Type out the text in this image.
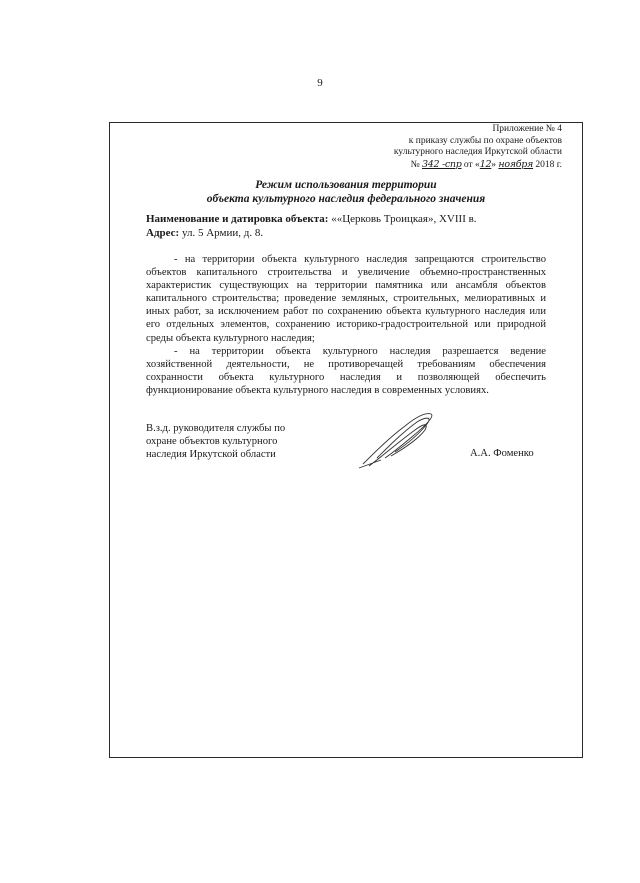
9
Приложение № 4
к приказу службы по охране объектов
культурного наследия Иркутской области
№ 342 -спр от «12» ноября 2018 г.
Режим использования территории
объекта культурного наследия федерального значения
Наименование и датировка объекта: ««Церковь Троицкая», XVIII в.
Адрес: ул. 5 Армии, д. 8.

- на территории объекта культурного наследия запрещаются строительство объектов капитального строительства и увеличение объемно-пространственных характеристик существующих на территории памятника или ансамбля объектов капитального строительства; проведение земляных, строительных, мелиоративных и иных работ, за исключением работ по сохранению объекта культурного наследия или его отдельных элементов, сохранению историко-градостроительной или природной среды объекта культурного наследия;

- на территории объекта культурного наследия разрешается ведение хозяйственной деятельности, не противоречащей требованиям обеспечения сохранности объекта культурного наследия и позволяющей обеспечить функционирование объекта культурного наследия в современных условиях.

В.з.д. руководителя службы по
охране объектов культурного
наследия Иркутской области	А.А. Фоменко
